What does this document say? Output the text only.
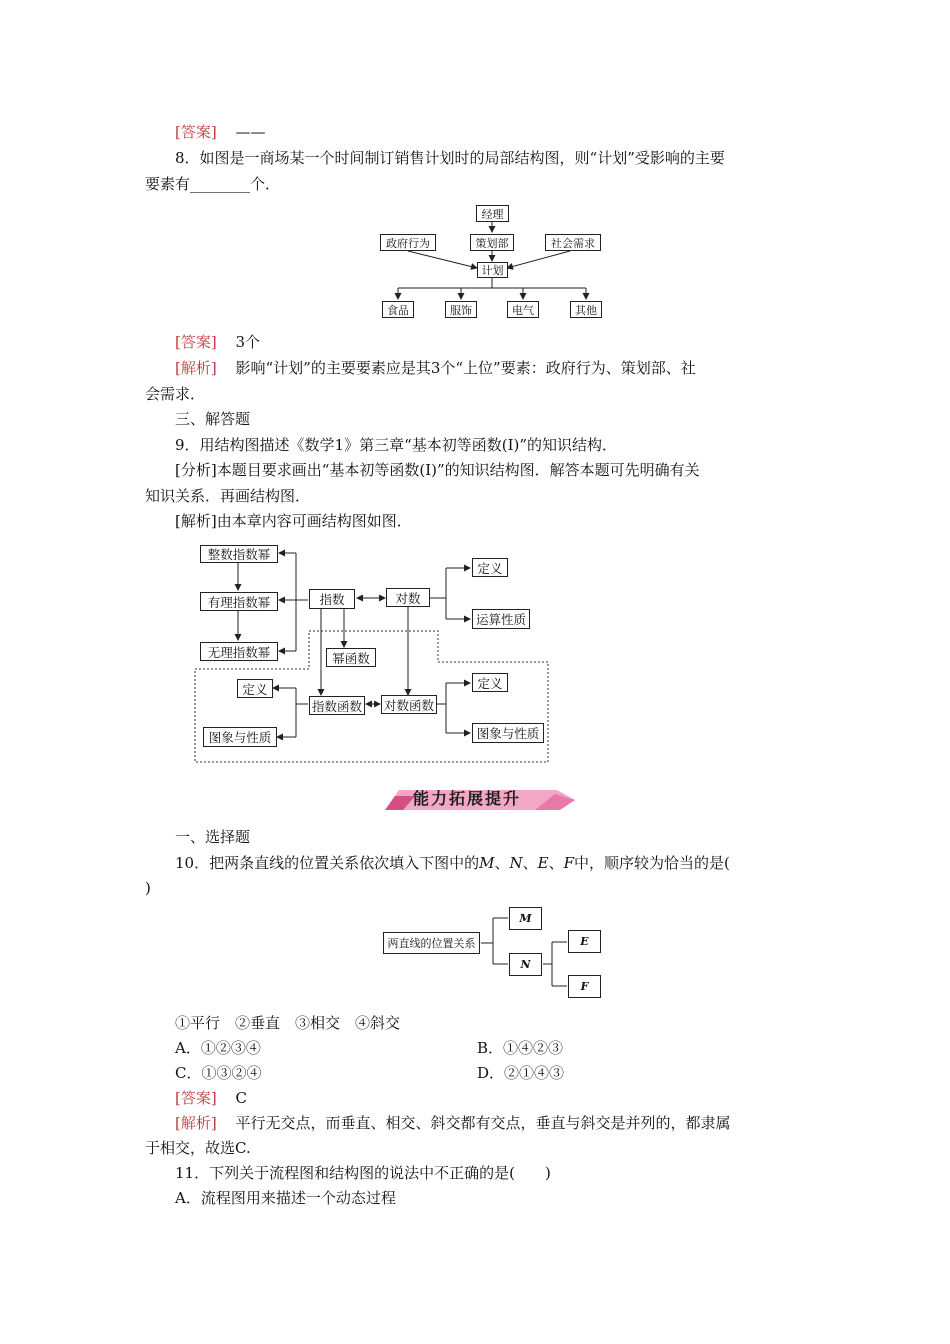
[答案] ——
8．如图是一商场某一个时间制订销售计划时的局部结构图，则“计划”受影响的主要
要素有________个．
经理
政府行为	策划部	社会需求
计划
食品	服饰	电气	其他
[答案] 3个
[解析] 影响“计划”的主要要素应是其3个“上位”要素：政府行为、策划部、社
会需求．
三、解答题
9．用结构图描述《数学1》第三章“基本初等函数(Ⅰ)”的知识结构．
[分析]本题目要求画出“基本初等函数(Ⅰ)”的知识结构图．解答本题可先明确有关
知识关系．再画结构图．
[解析]由本章内容可画结构图如图．
整数指数幂
有理指数幂
无理指数幂
指数	对数
定义
运算性质
幂函数
定义
图象与性质
指数函数 对数函数
定义
图象与性质
能力拓展提升
一、选择题
10．把两条直线的位置关系依次填入下图中的M、N、E、F中，顺序较为恰当的是(
)
两直线的位置关系
M
N
E
F
①平行　②垂直　③相交　④斜交
A．①②③④	B．①④②③
C．①③②④	D．②①④③
[答案] C
[解析] 平行无交点，而垂直、相交、斜交都有交点，垂直与斜交是并列的，都隶属
于相交，故选C.
11．下列关于流程图和结构图的说法中不正确的是(　　)
A．流程图用来描述一个动态过程
